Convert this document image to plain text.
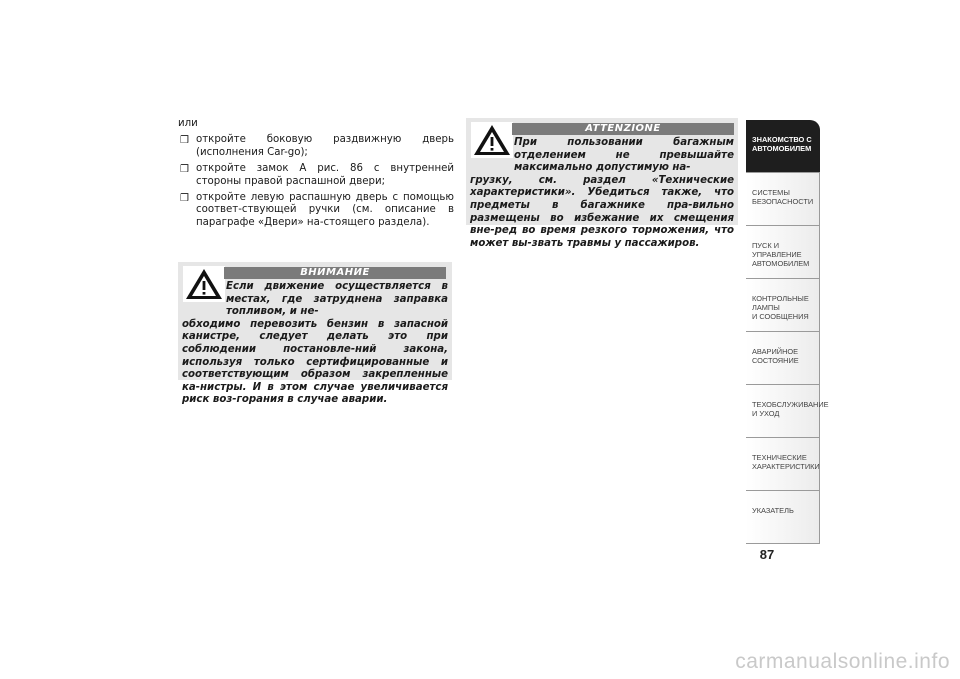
или

❒ откройте боковую раздвижную дверь (исполнения Car-go);

❒ откройте замок А рис. 86 с внутренней стороны правой распашной двери;

❒ откройте левую распашную дверь с помощью соответ-ствующей ручки (см. описание в параграфе «Двери» на-стоящего раздела).

ВНИМАНИЕ
Если движение осуществляется в местах, где затруднена заправка топливом, и не-
обходимо перевозить бензин в запасной канистре, следует делать это при соблюдении постановле-ний закона, используя только сертифицированные и соответствующим образом закрепленные ка-нистры. И в этом случае увеличивается риск воз-горания в случае аварии.
ATTENZIONE
При пользовании багажным отделением не превышайте максимально допустимую на-
грузку, см. раздел «Технические характеристики». Убедиться также, что предметы в багажнике пра-вильно размещены во избежание их смещения вне-ред во время резкого торможения, что может вы-звать травмы у пассажиров.
ЗНАКОМСТВО С
АВТОМОБИЛЕМ
СИСТЕМЫ
БЕЗОПАСНОСТИ
ПУСК И УПРАВЛЕНИЕ
АВТОМОБИЛЕМ
КОНТРОЛЬНЫЕ
ЛАМПЫ
И СООБЩЕНИЯ
АВАРИЙНОЕ
СОСТОЯНИЕ
ТЕХОБСЛУЖИВАНИЕ
И УХОД
ТЕХНИЧЕСКИЕ
ХАРАКТЕРИСТИКИ
УКАЗАТЕЛЬ
87
carmanualsonline.info
